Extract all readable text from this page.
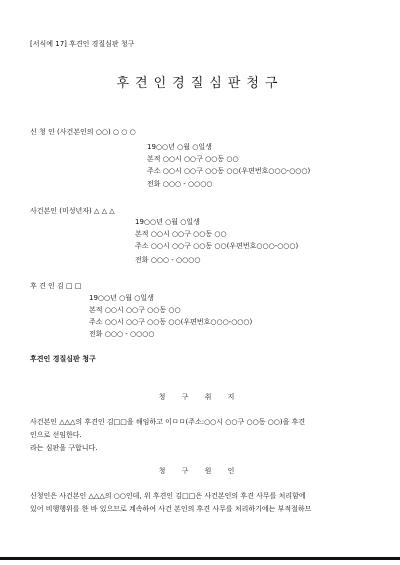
[서식예 17] 후견인 경질심판 청구
후견인경질심판청구
신 청 인 (사건본인의 ○○) ○ ○ ○
19○○년 ○월 ○일생
본적 ○○시 ○○구 ○○동 ○○
주소 ○○시 ○○구 ○○동 ○○(우편번호○○○-○○○)
전화 ○○○ - ○○○○
사건본인 (미성년자) △ △ △
19○○년 ○월 ○일생
본적 ○○시 ○○구 ○○동 ○○
주소 ○○시 ○○구 ○○동 ○○(우편번호○○○-○○○)
전화 ○○○ - ○○○○
후 견 인 김 □ □
19○○년 ○월 ○일생
본적 ○○시 ○○구 ○○동 ○○
주소 ○○시 ○○구 ○○동 ○○(우편번호○○○-○○○)
전화 ○○○ - ○○○○
후견인 경질심판 청구
청 구 취 지
사건본인 △△△의 후견인 김□□을 해임하고 이ㅁㅁ(주소:○○시 ○○구 ○○동 ○○)을 후견
인으로 선임한다.
라는 심판을 구합니다.
청 구 원 인
신청인은 사건본인 △△△의 ○○인데, 위 후견인 김□□은 사건본인의 후견 사무를 처리함에
있어 비행행위를 한 바 있으므로 계속하여 사건 본인의 후견 사무를 처리하기에는 부적절하므
